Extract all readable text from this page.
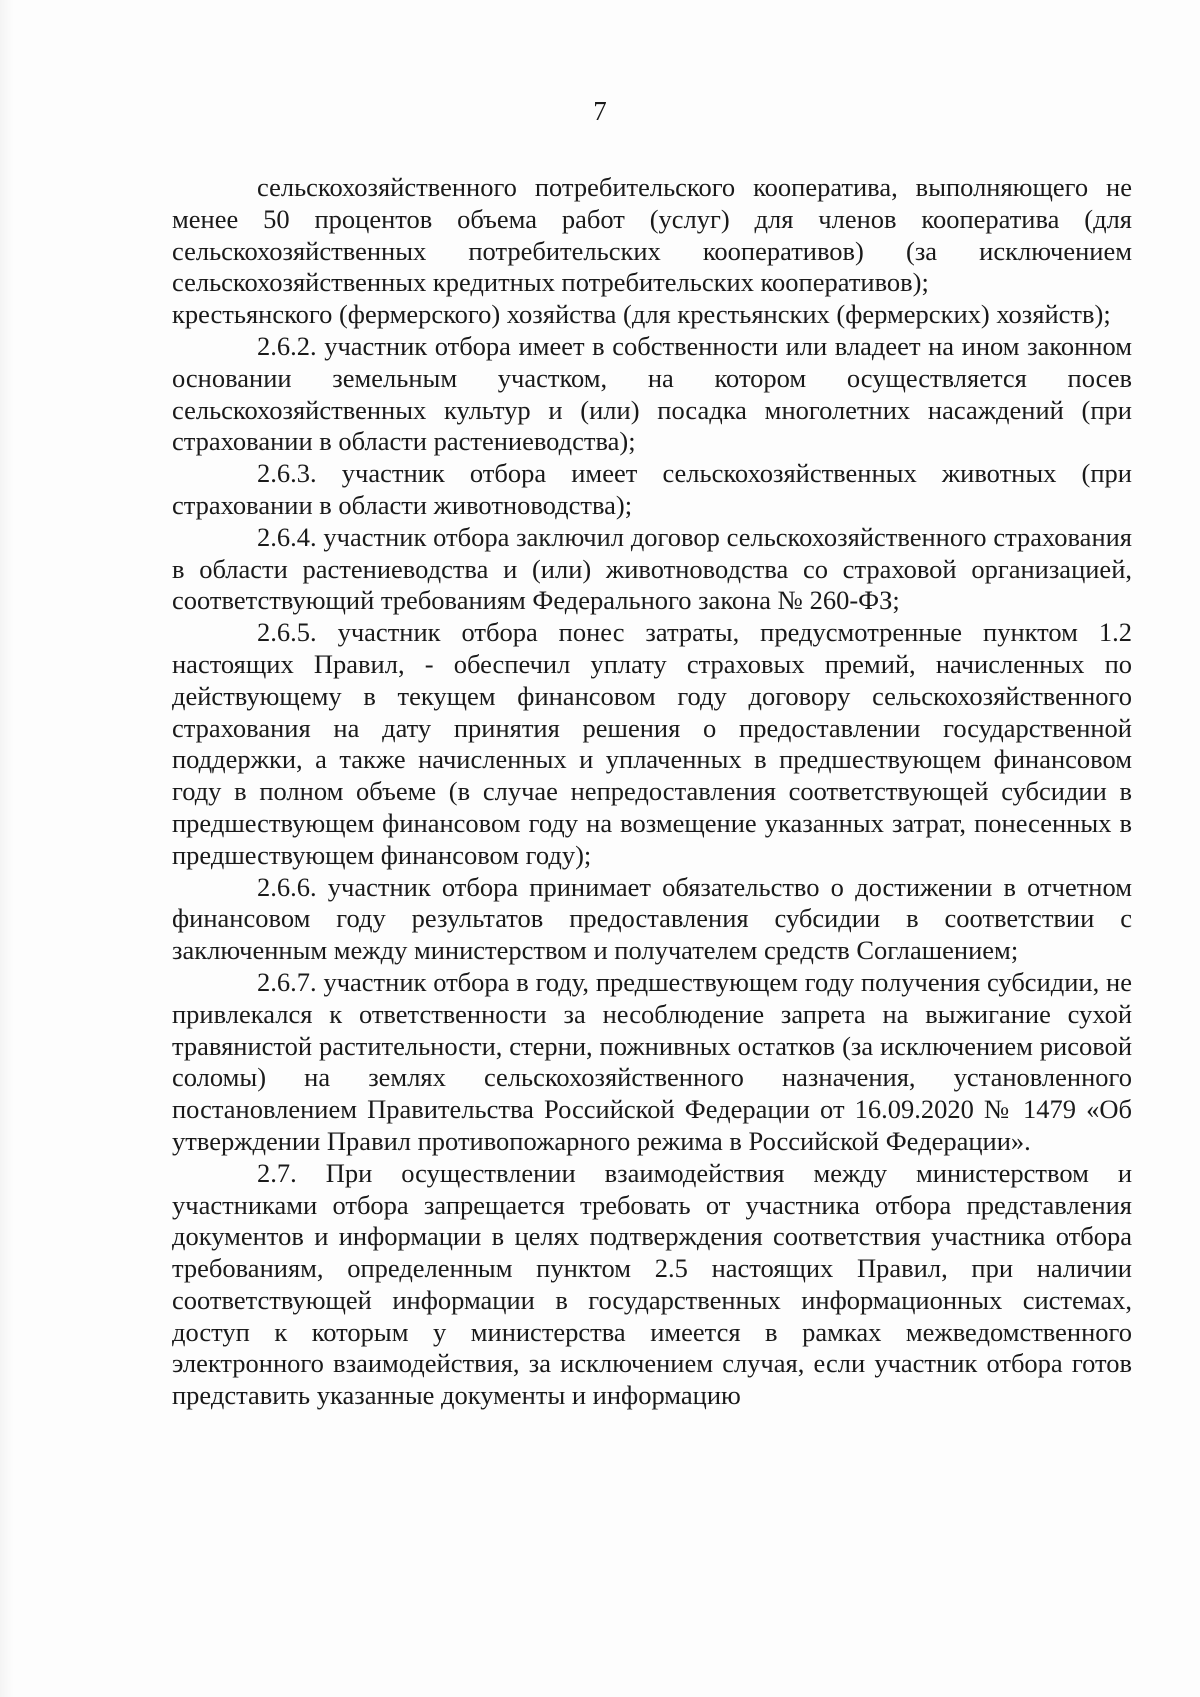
7

сельскохозяйственного потребительского кооператива, выполняющего не менее 50 процентов объема работ (услуг) для членов кооператива (для сельскохозяйственных потребительских кооперативов) (за исключением сельскохозяйственных кредитных потребительских кооперативов);

крестьянского (фермерского) хозяйства (для крестьянских (фермерских) хозяйств);

2.6.2. участник отбора имеет в собственности или владеет на ином законном основании земельным участком, на котором осуществляется посев сельскохозяйственных культур и (или) посадка многолетних насаждений (при страховании в области растениеводства);

2.6.3. участник отбора имеет сельскохозяйственных животных (при страховании в области животноводства);

2.6.4. участник отбора заключил договор сельскохозяйственного страхования в области растениеводства и (или) животноводства со страховой организацией, соответствующий требованиям Федерального закона № 260-ФЗ;

2.6.5. участник отбора понес затраты, предусмотренные пунктом 1.2 настоящих Правил, - обеспечил уплату страховых премий, начисленных по действующему в текущем финансовом году договору сельскохозяйственного страхования на дату принятия решения о предоставлении государственной поддержки, а также начисленных и уплаченных в предшествующем финансовом году в полном объеме (в случае непредоставления соответствующей субсидии в предшествующем финансовом году на возмещение указанных затрат, понесенных в предшествующем финансовом году);

2.6.6. участник отбора принимает обязательство о достижении в отчетном финансовом году результатов предоставления субсидии в соответствии с заключенным между министерством и получателем средств Соглашением;

2.6.7. участник отбора в году, предшествующем году получения субсидии, не привлекался к ответственности за несоблюдение запрета на выжигание сухой травянистой растительности, стерни, пожнивных остатков (за исключением рисовой соломы) на землях сельскохозяйственного назначения, установленного постановлением Правительства Российской Федерации от 16.09.2020 № 1479 «Об утверждении Правил противопожарного режима в Российской Федерации».

2.7. При осуществлении взаимодействия между министерством и участниками отбора запрещается требовать от участника отбора представления документов и информации в целях подтверждения соответствия участника отбора требованиям, определенным пунктом 2.5 настоящих Правил, при наличии соответствующей информации в государственных информационных системах, доступ к которым у министерства имеется в рамках межведомственного электронного взаимодействия, за исключением случая, если участник отбора готов представить указанные документы и информацию
